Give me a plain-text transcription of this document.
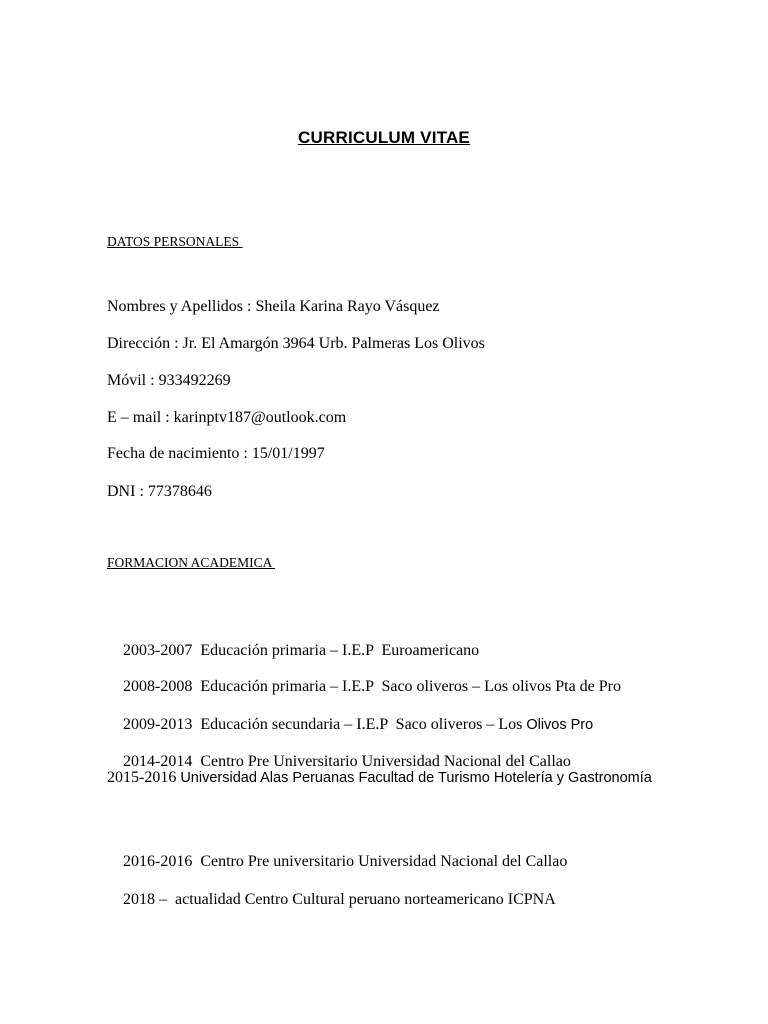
CURRICULUM VITAE
DATOS PERSONALES
Nombres y Apellidos : Sheila Karina Rayo Vásquez
Dirección : Jr. El Amargón 3964 Urb. Palmeras Los Olivos
Móvil : 933492269
E – mail : karinptv187@outlook.com
Fecha de nacimiento : 15/01/1997
DNI : 77378646
FORMACION ACADEMICA

2003-2007  Educación primaria – I.E.P  Euroamericano

2008-2008  Educación primaria – I.E.P  Saco oliveros – Los olivos Pta de Pro

2009-2013  Educación secundaria – I.E.P  Saco oliveros – Los Olivos Pro

2014-2014  Centro Pre Universitario Universidad Nacional del Callao

2015-2016 Universidad Alas Peruanas Facultad de Turismo Hotelería y Gastronomía

2016-2016  Centro Pre universitario Universidad Nacional del Callao

2018 –  actualidad Centro Cultural peruano norteamericano ICPNA
